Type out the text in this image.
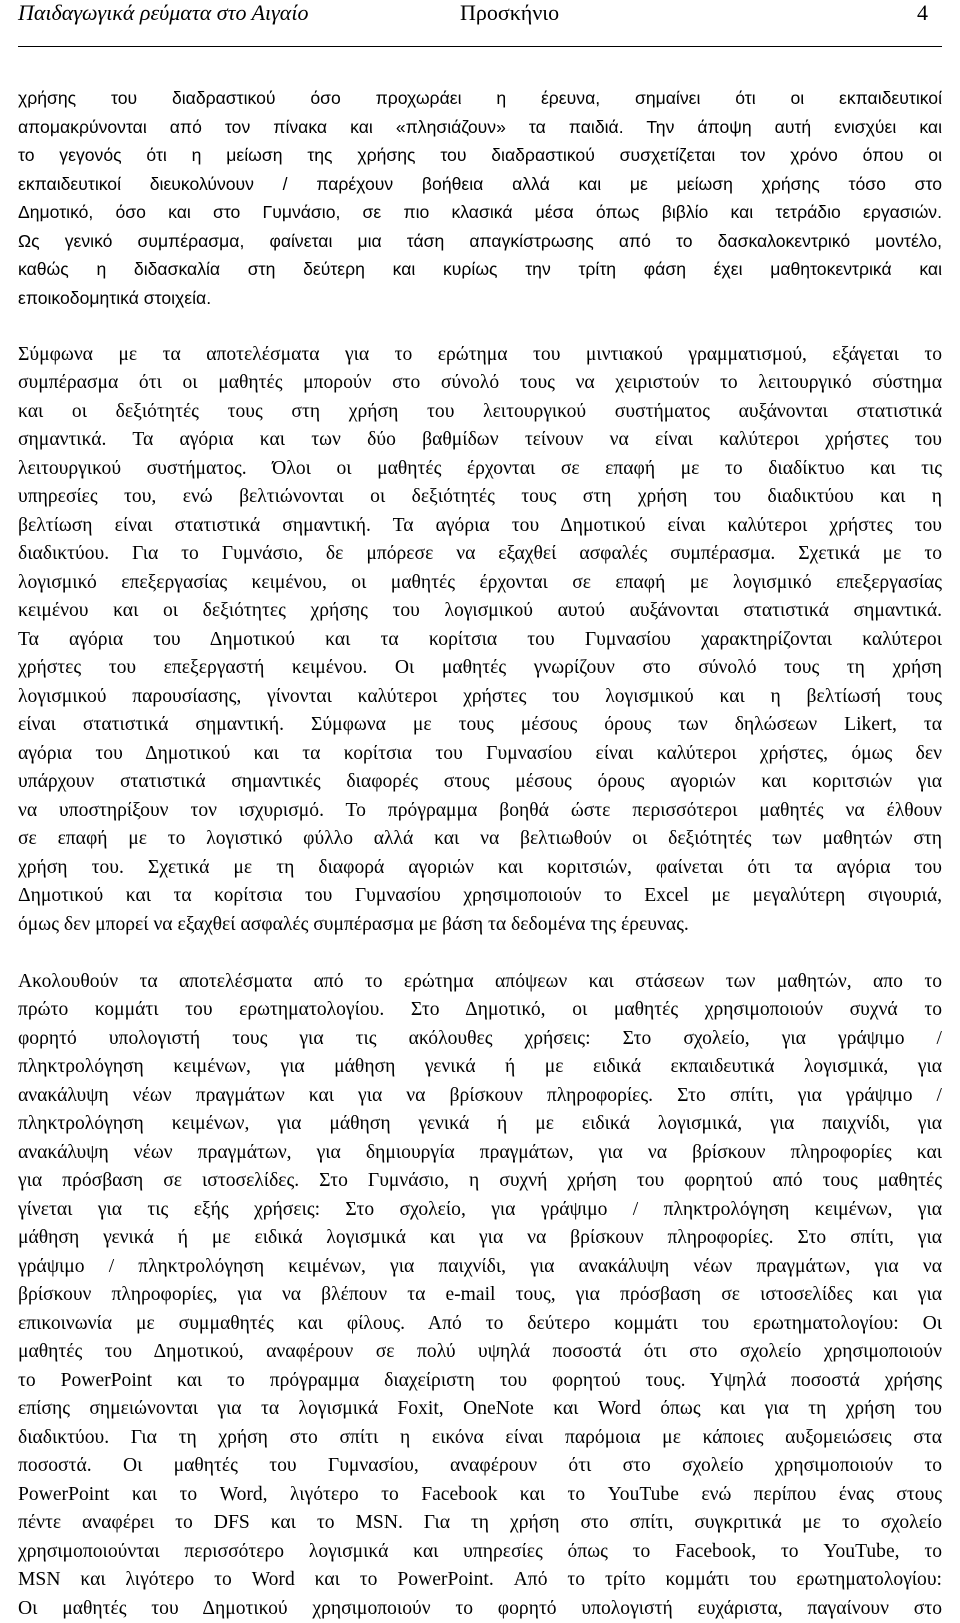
Παιδαγωγικά ρεύματα στο Αιγαίο	Προσκήνιο	4
χρήσης του διαδραστικού όσο προχωράει η έρευνα, σημαίνει ότι οι εκπαιδευτικοί
απομακρύνονται από τον πίνακα και «πλησιάζουν» τα παιδιά. Την άποψη αυτή ενισχύει και
το γεγονός ότι η μείωση της χρήσης του διαδραστικού συσχετίζεται τον χρόνο όπου οι
εκπαιδευτικοί διευκολύνουν / παρέχουν βοήθεια αλλά και με μείωση χρήσης τόσο στο
Δημοτικό, όσο και στο Γυμνάσιο, σε πιο κλασικά μέσα όπως βιβλίο και τετράδιο εργασιών.
Ως γενικό συμπέρασμα, φαίνεται μια τάση απαγκίστρωσης από το δασκαλοκεντρικό μοντέλο,
καθώς η διδασκαλία στη δεύτερη και κυρίως την τρίτη φάση έχει μαθητοκεντρικά και
εποικοδομητικά στοιχεία.
Σύμφωνα με τα αποτελέσματα για το ερώτημα του μιντιακού γραμματισμού, εξάγεται το
συμπέρασμα ότι οι μαθητές μπορούν στο σύνολό τους να χειριστούν το λειτουργικό σύστημα
και οι δεξιότητές τους στη χρήση του λειτουργικού συστήματος αυξάνονται στατιστικά
σημαντικά. Τα αγόρια και των δύο βαθμίδων τείνουν να είναι καλύτεροι χρήστες του
λειτουργικού συστήματος. Όλοι οι μαθητές έρχονται σε επαφή με το διαδίκτυο και τις
υπηρεσίες του, ενώ βελτιώνονται οι δεξιότητές τους στη χρήση του διαδικτύου και η
βελτίωση είναι στατιστικά σημαντική. Τα αγόρια του Δημοτικού είναι καλύτεροι χρήστες του
διαδικτύου. Για το Γυμνάσιο, δε μπόρεσε να εξαχθεί ασφαλές συμπέρασμα. Σχετικά με το
λογισμικό επεξεργασίας κειμένου, οι μαθητές έρχονται σε επαφή με λογισμικό επεξεργασίας
κειμένου και οι δεξιότητες χρήσης του λογισμικού αυτού αυξάνονται στατιστικά σημαντικά.
Τα αγόρια του Δημοτικού και τα κορίτσια του Γυμνασίου χαρακτηρίζονται καλύτεροι
χρήστες του επεξεργαστή κειμένου. Οι μαθητές γνωρίζουν στο σύνολό τους τη χρήση
λογισμικού παρουσίασης, γίνονται καλύτεροι χρήστες του λογισμικού και η βελτίωσή τους
είναι στατιστικά σημαντική. Σύμφωνα με τους μέσους όρους των δηλώσεων Likert, τα
αγόρια του Δημοτικού και τα κορίτσια του Γυμνασίου είναι καλύτεροι χρήστες, όμως δεν
υπάρχουν στατιστικά σημαντικές διαφορές στους μέσους όρους αγοριών και κοριτσιών για
να υποστηρίξουν τον ισχυρισμό. Το πρόγραμμα βοηθά ώστε περισσότεροι μαθητές να έλθουν
σε επαφή με το λογιστικό φύλλο αλλά και να βελτιωθούν οι δεξιότητές των μαθητών στη
χρήση του. Σχετικά με τη διαφορά αγοριών και κοριτσιών, φαίνεται ότι τα αγόρια του
Δημοτικού και τα κορίτσια του Γυμνασίου χρησιμοποιούν το Excel με μεγαλύτερη σιγουριά,
όμως δεν μπορεί να εξαχθεί ασφαλές συμπέρασμα με βάση τα δεδομένα της έρευνας.
Ακολουθούν τα αποτελέσματα από το ερώτημα απόψεων και στάσεων των μαθητών, απο το
πρώτο κομμάτι του ερωτηματολογίου. Στο Δημοτικό, οι μαθητές χρησιμοποιούν συχνά το
φορητό υπολογιστή τους για τις ακόλουθες χρήσεις: Στο σχολείο, για γράψιμο /
πληκτρολόγηση κειμένων, για μάθηση γενικά ή με ειδικά εκπαιδευτικά λογισμικά, για
ανακάλυψη νέων πραγμάτων και για να βρίσκουν πληροφορίες. Στο σπίτι, για γράψιμο /
πληκτρολόγηση κειμένων, για μάθηση γενικά ή με ειδικά λογισμικά, για παιχνίδι, για
ανακάλυψη νέων πραγμάτων, για δημιουργία πραγμάτων, για να βρίσκουν πληροφορίες και
για πρόσβαση σε ιστοσελίδες. Στο Γυμνάσιο, η συχνή χρήση του φορητού από τους μαθητές
γίνεται για τις εξής χρήσεις: Στο σχολείο, για γράψιμο / πληκτρολόγηση κειμένων, για
μάθηση γενικά ή με ειδικά λογισμικά και για να βρίσκουν πληροφορίες. Στο σπίτι, για
γράψιμο / πληκτρολόγηση κειμένων, για παιχνίδι, για ανακάλυψη νέων πραγμάτων, για να
βρίσκουν πληροφορίες, για να βλέπουν τα e-mail τους, για πρόσβαση σε ιστοσελίδες και για
επικοινωνία με συμμαθητές και φίλους. Από το δεύτερο κομμάτι του ερωτηματολογίου: Οι
μαθητές του Δημοτικού, αναφέρουν σε πολύ υψηλά ποσοστά ότι στο σχολείο χρησιμοποιούν
το PowerPoint και το πρόγραμμα διαχείριστη του φορητού τους. Υψηλά ποσοστά χρήσης
επίσης σημειώνονται για τα λογισμικά Foxit, OneNote και Word όπως και για τη χρήση του
διαδικτύου. Για τη χρήση στο σπίτι η εικόνα είναι παρόμοια με κάποιες αυξομειώσεις στα
ποσοστά. Οι μαθητές του Γυμνασίου, αναφέρουν ότι στο σχολείο χρησιμοποιούν το
PowerPoint και το Word, λιγότερο το Facebook και το YouTube ενώ περίπου ένας στους
πέντε αναφέρει το DFS και το MSN. Για τη χρήση στο σπίτι, συγκριτικά με το σχολείο
χρησιμοποιούνται περισσότερο λογισμικά και υπηρεσίες όπως το Facebook, το YouTube, το
MSN και λιγότερο το Word και το PowerPoint. Από το τρίτο κομμάτι του ερωτηματολογίου:
Οι μαθητές του Δημοτικού χρησιμοποιούν το φορητό υπολογιστή ευχάριστα, παγαίνουν στο
